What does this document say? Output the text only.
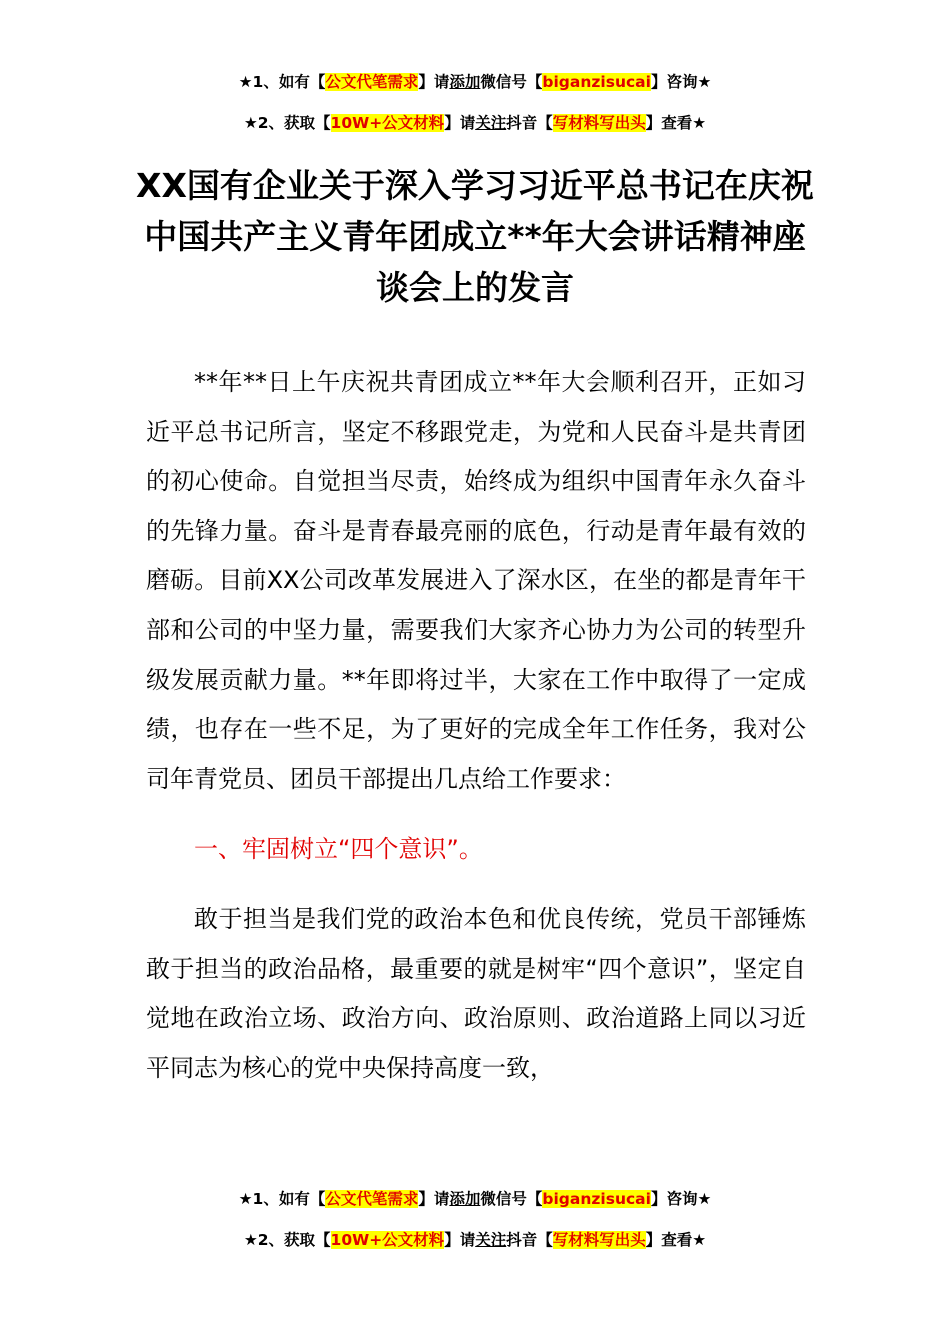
★1、如有【公文代笔需求】请添加微信号【biganzisucai】咨询★
★2、获取【10W+公文材料】请关注抖音【写材料写出头】查看★
XX国有企业关于深入学习习近平总书记在庆祝中国共产主义青年团成立**年大会讲话精神座谈会上的发言

**年**日上午庆祝共青团成立**年大会顺利召开，正如习近平总书记所言，坚定不移跟党走，为党和人民奋斗是共青团的初心使命。自觉担当尽责，始终成为组织中国青年永久奋斗的先锋力量。奋斗是青春最亮丽的底色，行动是青年最有效的磨砺。目前XX公司改革发展进入了深水区，在坐的都是青年干部和公司的中坚力量，需要我们大家齐心协力为公司的转型升级发展贡献力量。**年即将过半，大家在工作中取得了一定成绩，也存在一些不足，为了更好的完成全年工作任务，我对公司年青党员、团员干部提出几点给工作要求：

一、牢固树立“四个意识”。

敢于担当是我们党的政治本色和优良传统，党员干部锤炼敢于担当的政治品格，最重要的就是树牢“四个意识”，坚定自觉地在政治立场、政治方向、政治原则、政治道路上同以习近平同志为核心的党中央保持高度一致，

★1、如有【公文代笔需求】请添加微信号【biganzisucai】咨询★
★2、获取【10W+公文材料】请关注抖音【写材料写出头】查看★
